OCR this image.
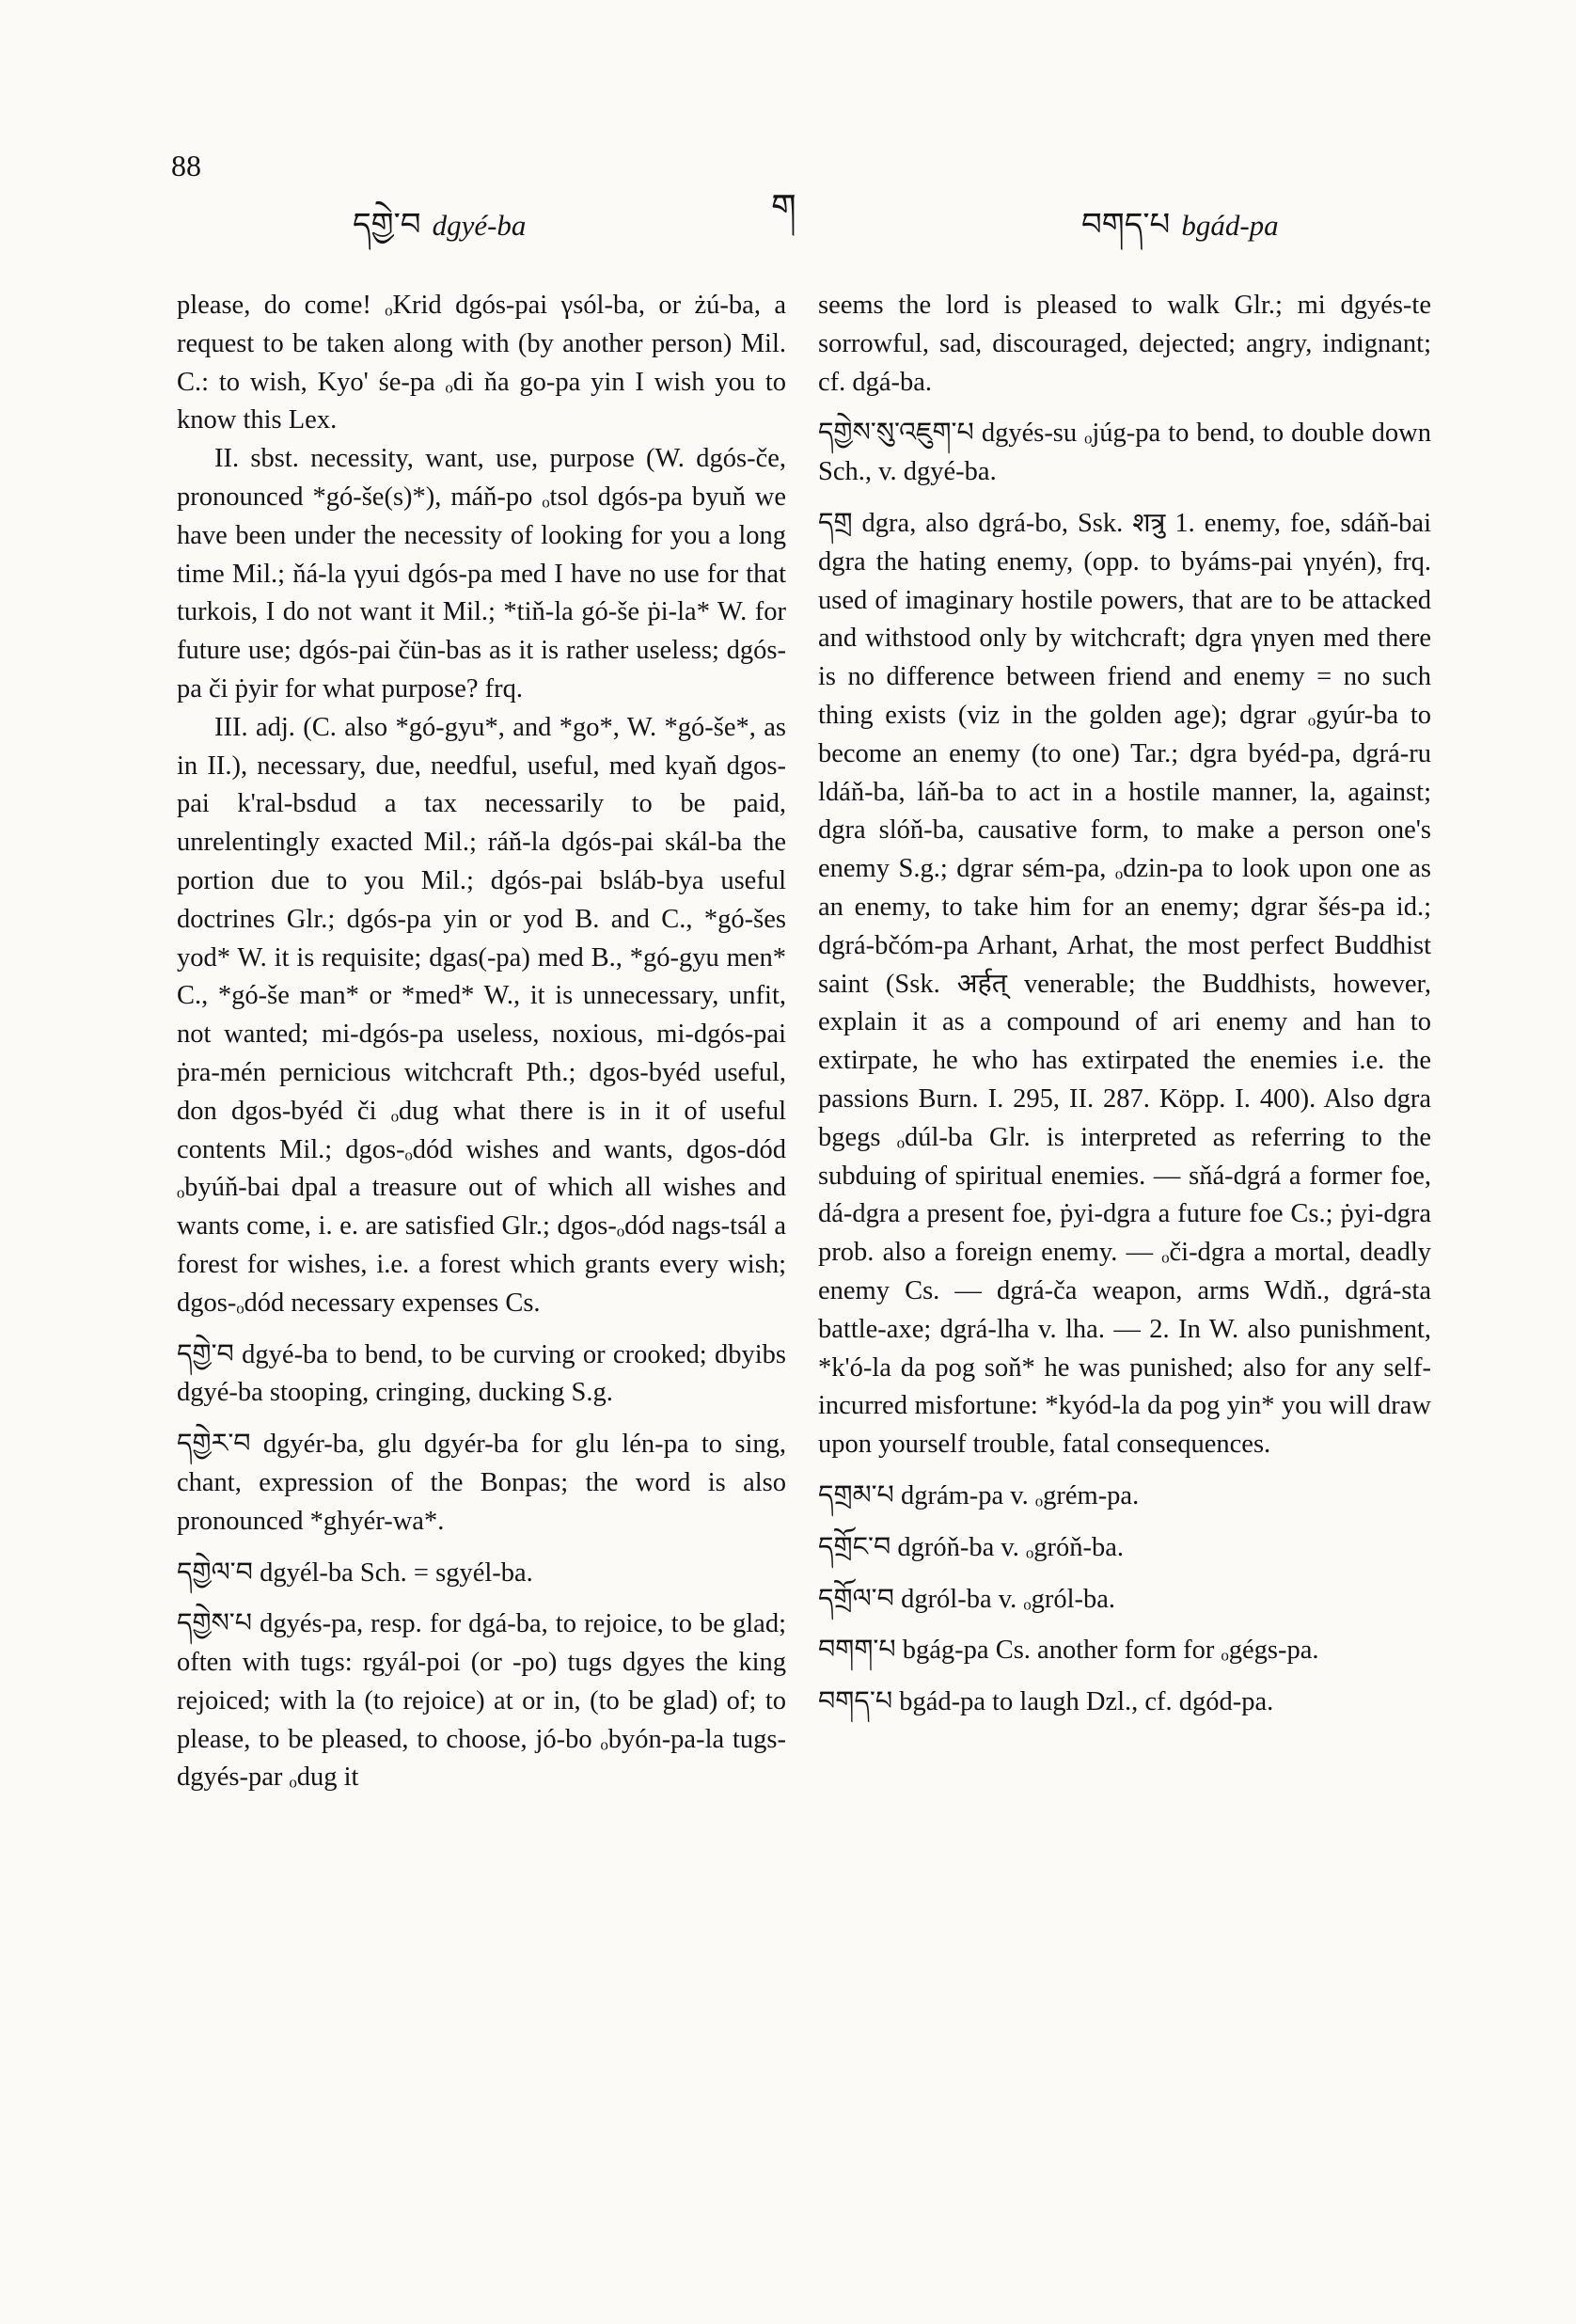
88
དགྱེ་བ dgyé-ba	ག	བགད་པ bgád-pa

please, do come! ₒKrid dgós-pai γsól-ba, or żú-ba, a request to be taken along with (by another person) Mil. C.: to wish, Kyo' śe-pa ₒdi ňa go-pa yin I wish you to know this Lex.

II. sbst. necessity, want, use, purpose (W. dgós-če, pronounced *gó-še(s)*), máň-po ₒtsol dgós-pa byuň we have been under the necessity of looking for you a long time Mil.; ňá-la γyui dgós-pa med I have no use for that turkois, I do not want it Mil.; *tiň-la gó-še ṗi-la* W. for future use; dgós-pai čün-bas as it is rather useless; dgós-pa či ṗyir for what purpose? frq.

III. adj. (C. also *gó-gyu*, and *go*, W. *gó-še*, as in II.), necessary, due, needful, useful, med kyaň dgos-pai k'ral-bsdud a tax necessarily to be paid, unrelentingly exacted Mil.; ráň-la dgós-pai skál-ba the portion due to you Mil.; dgós-pai bsláb-bya useful doctrines Glr.; dgós-pa yin or yod B. and C., *gó-šes yod* W. it is requisite; dgas(-pa) med B., *gó-gyu men* C., *gó-še man* or *med* W., it is unnecessary, unfit, not wanted; mi-dgós-pa useless, noxious, mi-dgós-pai ṗra-mén pernicious witchcraft Pth.; dgos-byéd useful, don dgos-byéd či ₒdug what there is in it of useful contents Mil.; dgos-ₒdód wishes and wants, dgos-dód ₒbyúň-bai dpal a treasure out of which all wishes and wants come, i. e. are satisfied Glr.; dgos-ₒdód nags-tsál a forest for wishes, i.e. a forest which grants every wish; dgos-ₒdód necessary expenses Cs.

དགྱེ་བ dgyé-ba to bend, to be curving or crooked; dbyibs dgyé-ba stooping, cringing, ducking S.g.

དགྱེར་བ dgyér-ba, glu dgyér-ba for glu lén-pa to sing, chant, expression of the Bonpas; the word is also pronounced *ghyér-wa*.

དགྱེལ་བ dgyél-ba Sch. = sgyél-ba.

དགྱེས་པ dgyés-pa, resp. for dgá-ba, to rejoice, to be glad; often with tugs: rgyál-poi (or -po) tugs dgyes the king rejoiced; with la (to rejoice) at or in, (to be glad) of; to please, to be pleased, to choose, jó-bo ₒbyón-pa-la tugs-dgyés-par ₒdug it

seems the lord is pleased to walk Glr.; mi dgyés-te sorrowful, sad, discouraged, dejected; angry, indignant; cf. dgá-ba.

དགྱེས་སུ་འཇུག་པ dgyés-su ₒjúg-pa to bend, to double down Sch., v. dgyé-ba.

དགྲ dgra, also dgrá-bo, Ssk. शत्रु 1. enemy, foe, sdáň-bai dgra the hating enemy, (opp. to byáms-pai γnyén), frq. used of imaginary hostile powers, that are to be attacked and withstood only by witchcraft; dgra γnyen med there is no difference between friend and enemy = no such thing exists (viz in the golden age); dgrar ₒgyúr-ba to become an enemy (to one) Tar.; dgra byéd-pa, dgrá-ru ldáň-ba, láň-ba to act in a hostile manner, la, against; dgra slóň-ba, causative form, to make a person one's enemy S.g.; dgrar sém-pa, ₒdzin-pa to look upon one as an enemy, to take him for an enemy; dgrar šés-pa id.; dgrá-bčóm-pa Arhant, Arhat, the most perfect Buddhist saint (Ssk. अर्हत् venerable; the Buddhists, however, explain it as a compound of ari enemy and han to extirpate, he who has extirpated the enemies i.e. the passions Burn. I. 295, II. 287. Köpp. I. 400). Also dgra bgegs ₒdúl-ba Glr. is interpreted as referring to the subduing of spiritual enemies. — sňá-dgrá a former foe, dá-dgra a present foe, ṗyi-dgra a future foe Cs.; ṗyi-dgra prob. also a foreign enemy. — ₒči-dgra a mortal, deadly enemy Cs. — dgrá-ča weapon, arms Wdň., dgrá-sta battle-axe; dgrá-lha v. lha. — 2. In W. also punishment, *k'ó-la da pog soň* he was punished; also for any self-incurred misfortune: *kyód-la da pog yin* you will draw upon yourself trouble, fatal consequences.

དགྲམ་པ dgrám-pa v. ₒgrém-pa.

དགྲོང་བ dgróň-ba v. ₒgróň-ba.

དགྲོལ་བ dgról-ba v. ₒgról-ba.

བགག་པ bgág-pa Cs. another form for ₒgégs-pa.

བགད་པ bgád-pa to laugh Dzl., cf. dgód-pa.
